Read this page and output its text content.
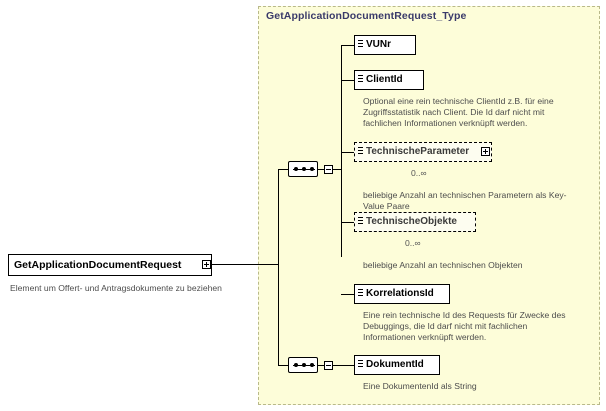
GetApplicationDocumentRequest_Type
GetApplicationDocumentRequest
Element um Offert- und Antragsdokumente zu beziehen
VUNr
ClientId
Optional eine rein technische ClientId z.B. für eine Zugriffsstatistik nach Client. Die Id darf nicht mit fachlichen Informationen verknüpft werden.
TechnischeParameter
0..∞
beliebige Anzahl an technischen Parametern als Key-Value Paare
TechnischeObjekte
0..∞
beliebige Anzahl an technischen Objekten
KorrelationsId
Eine rein technische Id des Requests für Zwecke des Debuggings, die Id darf nicht mit fachlichen Informationen verknüpft werden.
DokumentId
Eine DokumentenId als String
